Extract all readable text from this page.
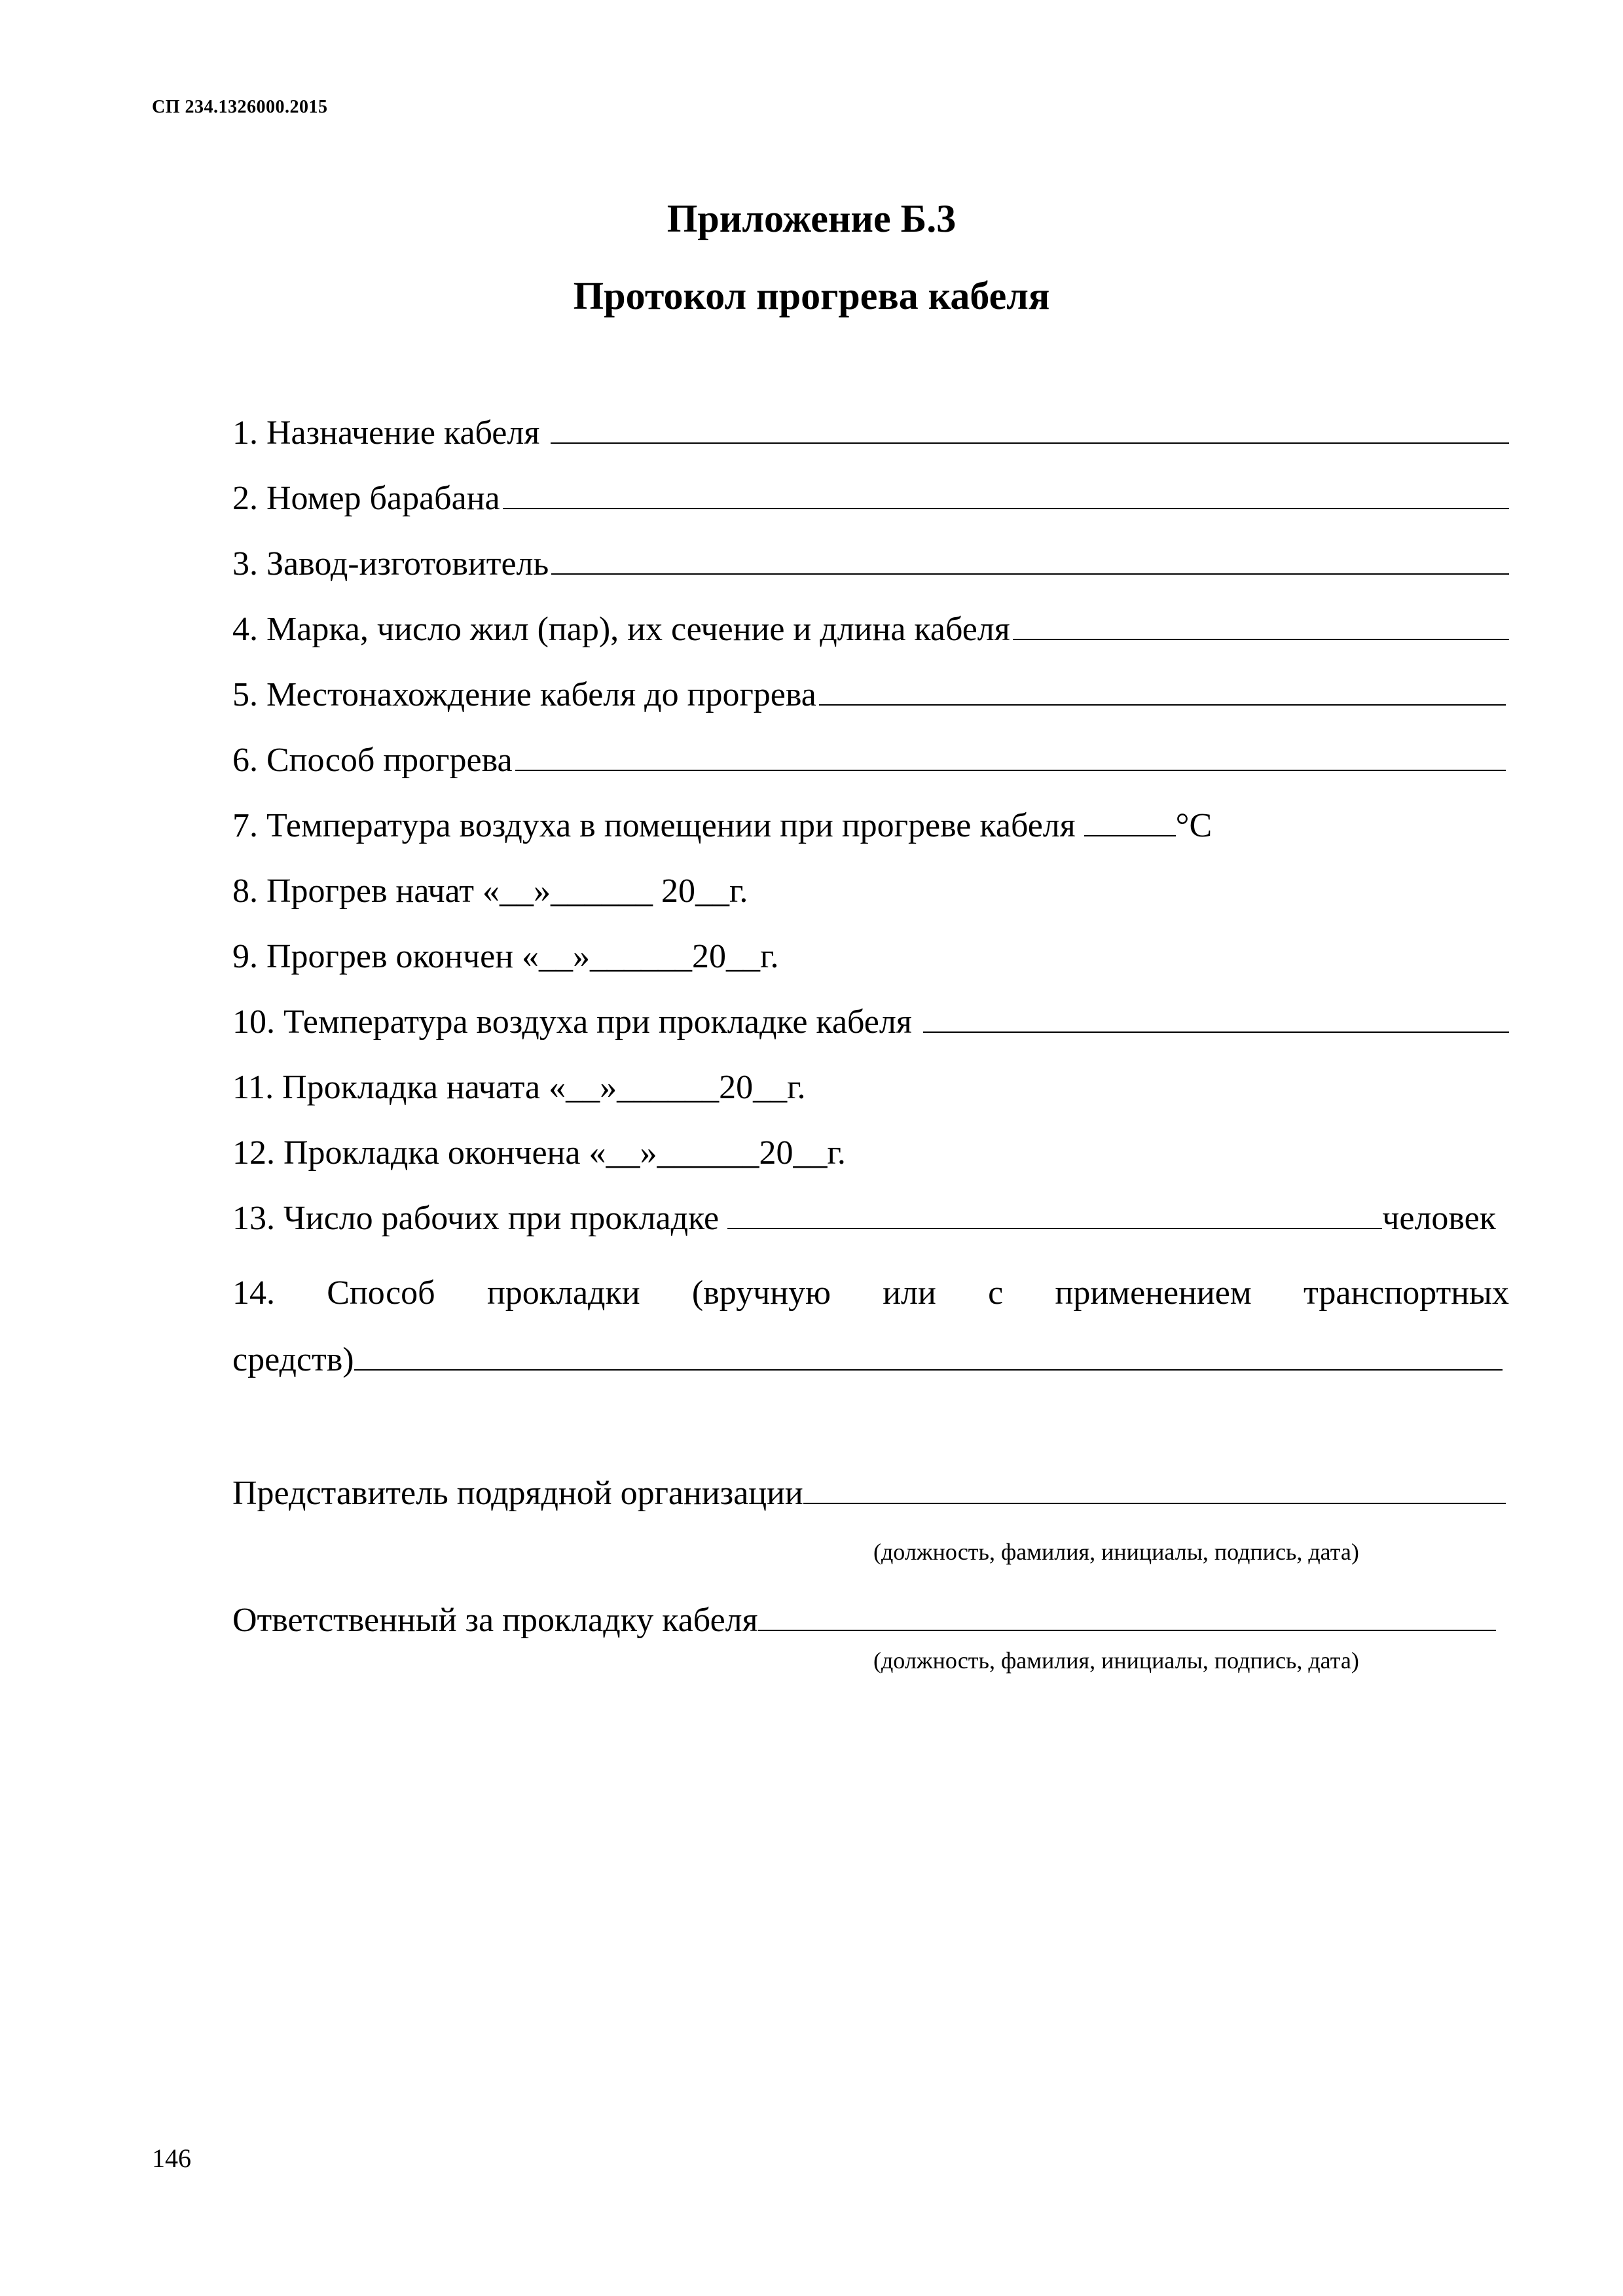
СП 234.1326000.2015
Приложение Б.3
Протокол прогрева кабеля
1. Назначение кабеля
2. Номер барабана
3. Завод-изготовитель
4. Марка, число жил (пар), их сечение и длина кабеля
5. Местонахождение кабеля до прогрева
6. Способ прогрева
7. Температура воздуха в помещении при прогреве кабеля	°С
8. Прогрев начат «__»______ 20__г.
9. Прогрев окончен «__»______20__г.
10. Температура воздуха при прокладке кабеля
11. Прокладка начата «__»______20__г.
12. Прокладка окончена «__»______20__г.
13. Число рабочих при прокладке	человек
14. Способ прокладки (вручную или с применением транспортных
средств)
Представитель подрядной организации
(должность, фамилия, инициалы, подпись, дата)
Ответственный за прокладку кабеля
(должность, фамилия, инициалы, подпись, дата)
146
